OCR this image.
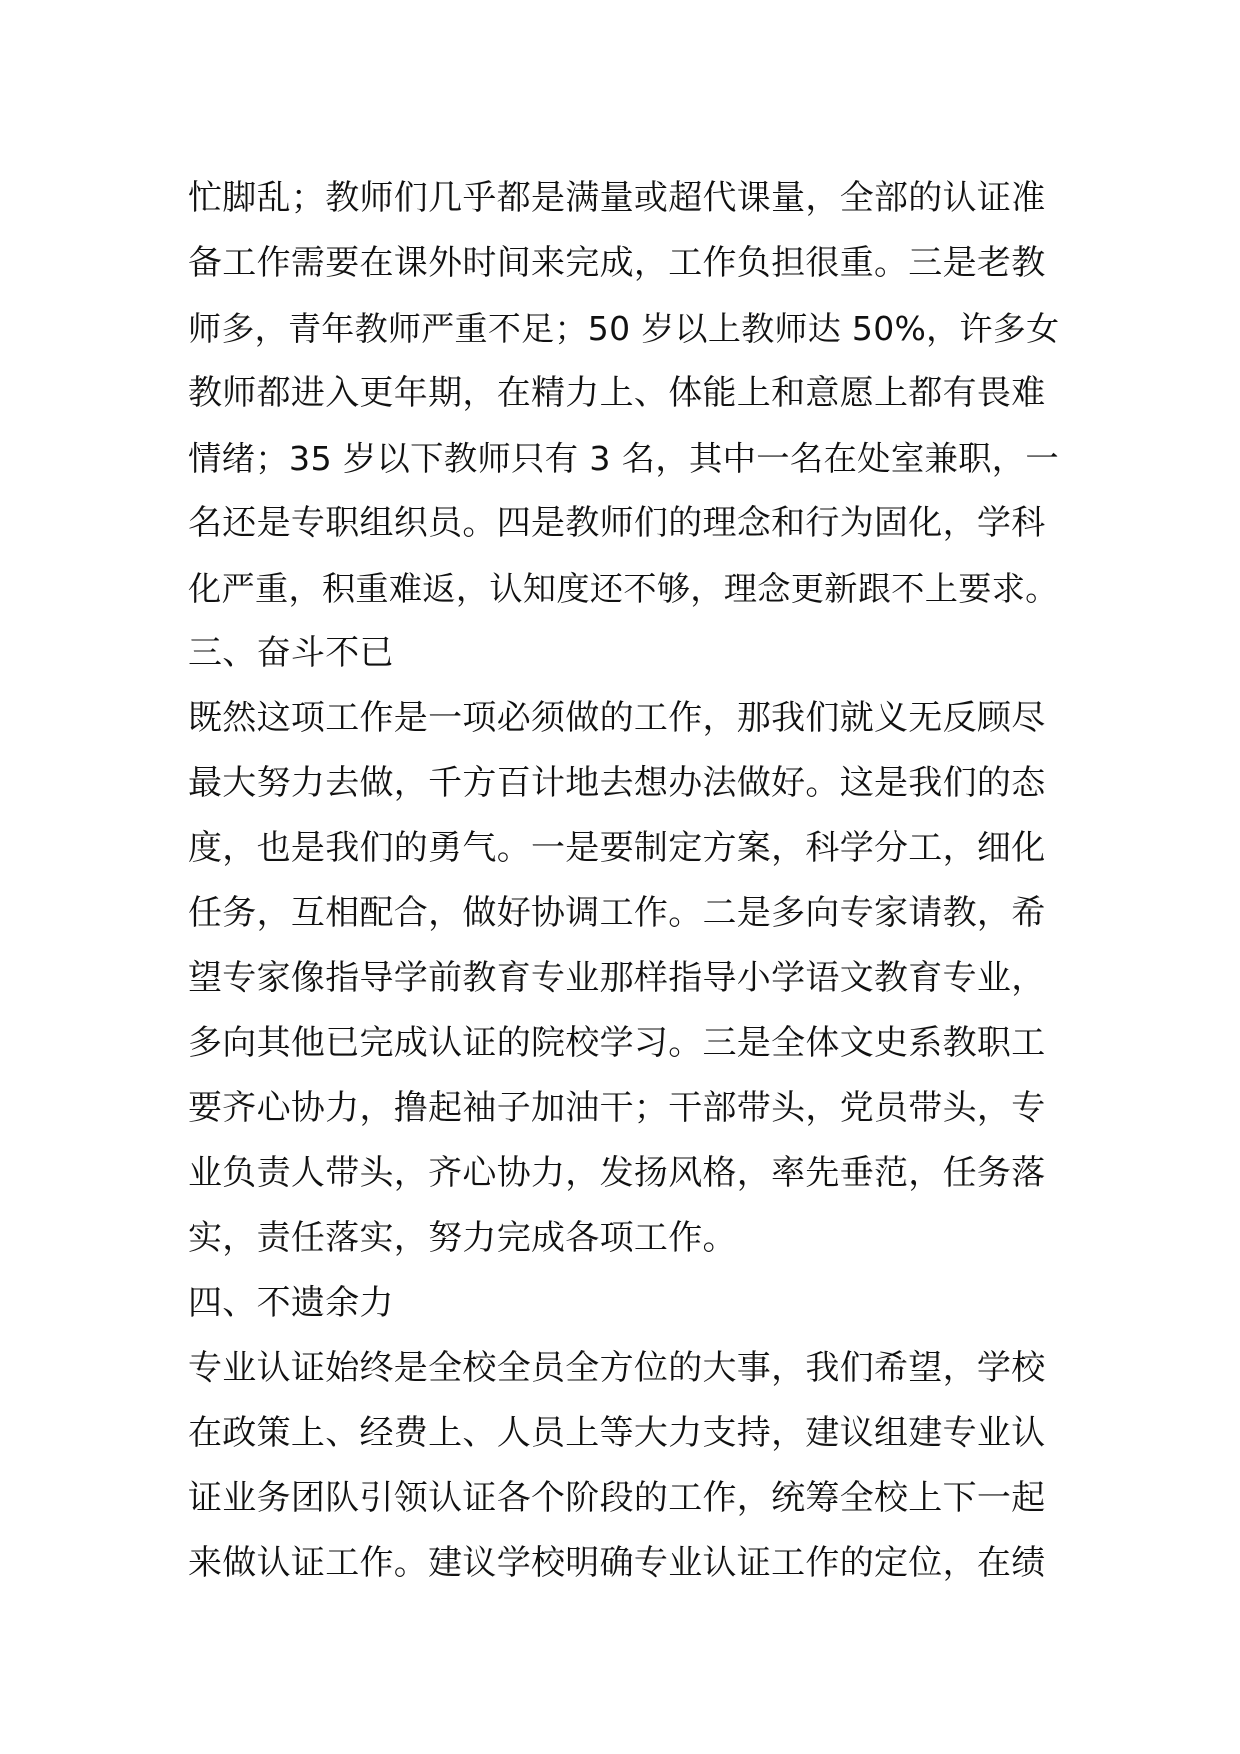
忙脚乱；教师们几乎都是满量或超代课量，全部的认证准
备工作需要在课外时间来完成，工作负担很重。三是老教
师多，青年教师严重不足；50 岁以上教师达 50%，许多女
教师都进入更年期，在精力上、体能上和意愿上都有畏难
情绪；35 岁以下教师只有 3 名，其中一名在处室兼职，一
名还是专职组织员。四是教师们的理念和行为固化，学科
化严重，积重难返，认知度还不够，理念更新跟不上要求。
三、奋斗不已
既然这项工作是一项必须做的工作，那我们就义无反顾尽
最大努力去做，千方百计地去想办法做好。这是我们的态
度，也是我们的勇气。一是要制定方案，科学分工，细化
任务，互相配合，做好协调工作。二是多向专家请教，希
望专家像指导学前教育专业那样指导小学语文教育专业，
多向其他已完成认证的院校学习。三是全体文史系教职工
要齐心协力，撸起袖子加油干；干部带头，党员带头，专
业负责人带头，齐心协力，发扬风格，率先垂范，任务落
实，责任落实，努力完成各项工作。
四、不遗余力
专业认证始终是全校全员全方位的大事，我们希望，学校
在政策上、经费上、人员上等大力支持，建议组建专业认
证业务团队引领认证各个阶段的工作，统筹全校上下一起
来做认证工作。建议学校明确专业认证工作的定位，在绩
